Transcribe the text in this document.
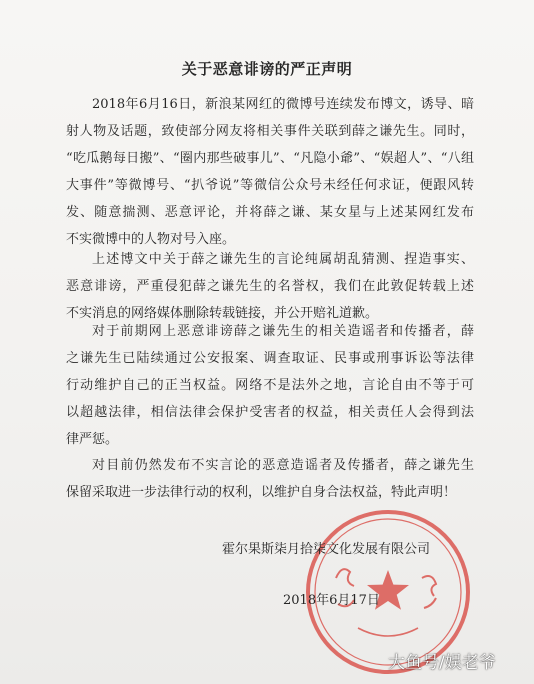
关于恶意诽谤的严正声明
2018年6月16日，新浪某网红的微博号连续发布博文，诱导、暗
射人物及话题，致使部分网友将相关事件关联到薛之谦先生。同时，
“吃瓜鹅每日搬”、“圈内那些破事儿”、“凡隐小爺”、“娱超人”、“八组
大事件”等微博号、“扒爷说”等微信公众号未经任何求证，便跟风转
发、随意揣测、恶意评论，并将薛之谦、某女星与上述某网红发布
不实微博中的人物对号入座。
上述博文中关于薛之谦先生的言论纯属胡乱猜测、捏造事实、
恶意诽谤，严重侵犯薛之谦先生的名誉权，我们在此敦促转载上述
不实消息的网络媒体删除转载链接，并公开赔礼道歉。
对于前期网上恶意诽谤薛之谦先生的相关造谣者和传播者，薛
之谦先生已陆续通过公安报案、调查取证、民事或刑事诉讼等法律
行动维护自己的正当权益。网络不是法外之地，言论自由不等于可
以超越法律，相信法律会保护受害者的权益，相关责任人会得到法
律严惩。
对目前仍然发布不实言论的恶意造谣者及传播者，薛之谦先生
保留采取进一步法律行动的权利，以维护自身合法权益，特此声明！
霍尔果斯柒月拾柒文化发展有限公司
2018年6月17日
大鱼号/娱老爷
